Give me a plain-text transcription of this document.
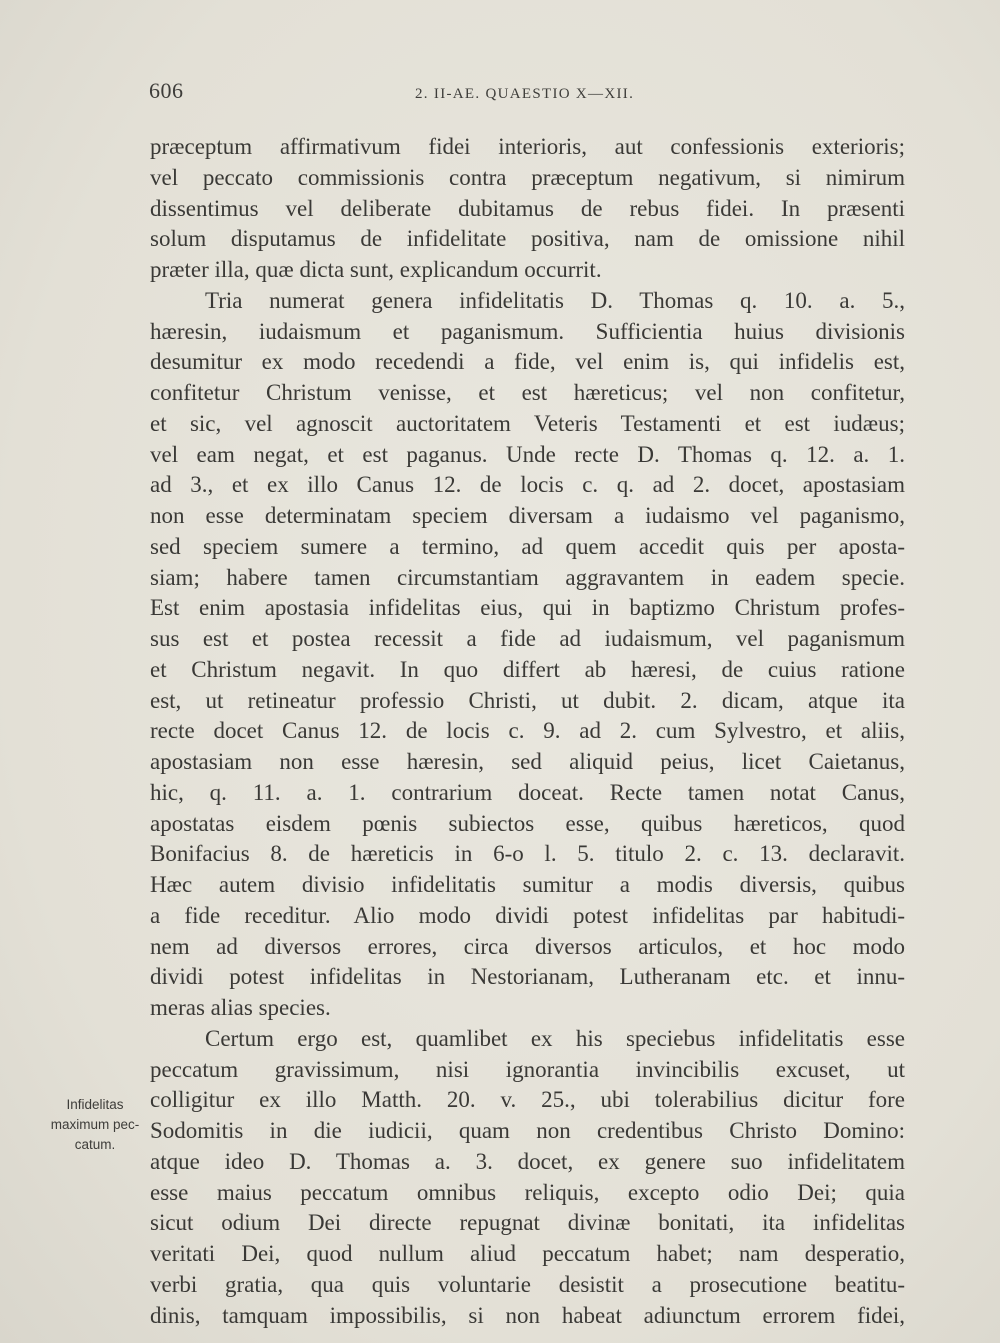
606	2. II-AE. QUAESTIO X—XII.
præceptum affirmativum fidei interioris, aut confessionis exterioris;
vel peccato commissionis contra præceptum negativum, si nimirum
dissentimus vel deliberate dubitamus de rebus fidei. In præsenti
solum disputamus de infidelitate positiva, nam de omissione nihil
præter illa, quæ dicta sunt, explicandum occurrit.
Tria numerat genera infidelitatis D. Thomas q. 10. a. 5.,
hæresin, iudaismum et paganismum. Sufficientia huius divisionis
desumitur ex modo recedendi a fide, vel enim is, qui infidelis est,
confitetur Christum venisse, et est hæreticus; vel non confitetur,
et sic, vel agnoscit auctoritatem Veteris Testamenti et est iudæus;
vel eam negat, et est paganus. Unde recte D. Thomas q. 12. a. 1.
ad 3., et ex illo Canus 12. de locis c. q. ad 2. docet, apostasiam
non esse determinatam speciem diversam a iudaismo vel paganismo,
sed speciem sumere a termino, ad quem accedit quis per aposta-
siam; habere tamen circumstantiam aggravantem in eadem specie.
Est enim apostasia infidelitas eius, qui in baptizmo Christum profes-
sus est et postea recessit a fide ad iudaismum, vel paganismum
et Christum negavit. In quo differt ab hæresi, de cuius ratione
est, ut retineatur professio Christi, ut dubit. 2. dicam, atque ita
recte docet Canus 12. de locis c. 9. ad 2. cum Sylvestro, et aliis,
apostasiam non esse hæresin, sed aliquid peius, licet Caietanus,
hic, q. 11. a. 1. contrarium doceat. Recte tamen notat Canus,
apostatas eisdem pœnis subiectos esse, quibus hæreticos, quod
Bonifacius 8. de hæreticis in 6-o l. 5. titulo 2. c. 13. declaravit.
Hæc autem divisio infidelitatis sumitur a modis diversis, quibus
a fide receditur. Alio modo dividi potest infidelitas par habitudi-
nem ad diversos errores, circa diversos articulos, et hoc modo
dividi potest infidelitas in Nestorianam, Lutheranam etc. et innu-
meras alias species.
Certum ergo est, quamlibet ex his speciebus infidelitatis esse
peccatum gravissimum, nisi ignorantia invincibilis excuset, ut
colligitur ex illo Matth. 20. v. 25., ubi tolerabilius dicitur fore
Sodomitis in die iudicii, quam non credentibus Christo Domino:
atque ideo D. Thomas a. 3. docet, ex genere suo infidelitatem
esse maius peccatum omnibus reliquis, excepto odio Dei; quia
sicut odium Dei directe repugnat divinæ bonitati, ita infidelitas
veritati Dei, quod nullum aliud peccatum habet; nam desperatio,
verbi gratia, qua quis voluntarie desistit a prosecutione beatitu-
dinis, tamquam impossibilis, si non habeat adiunctum errorem fidei,
Infidelitas
maximum pec-
catum.
